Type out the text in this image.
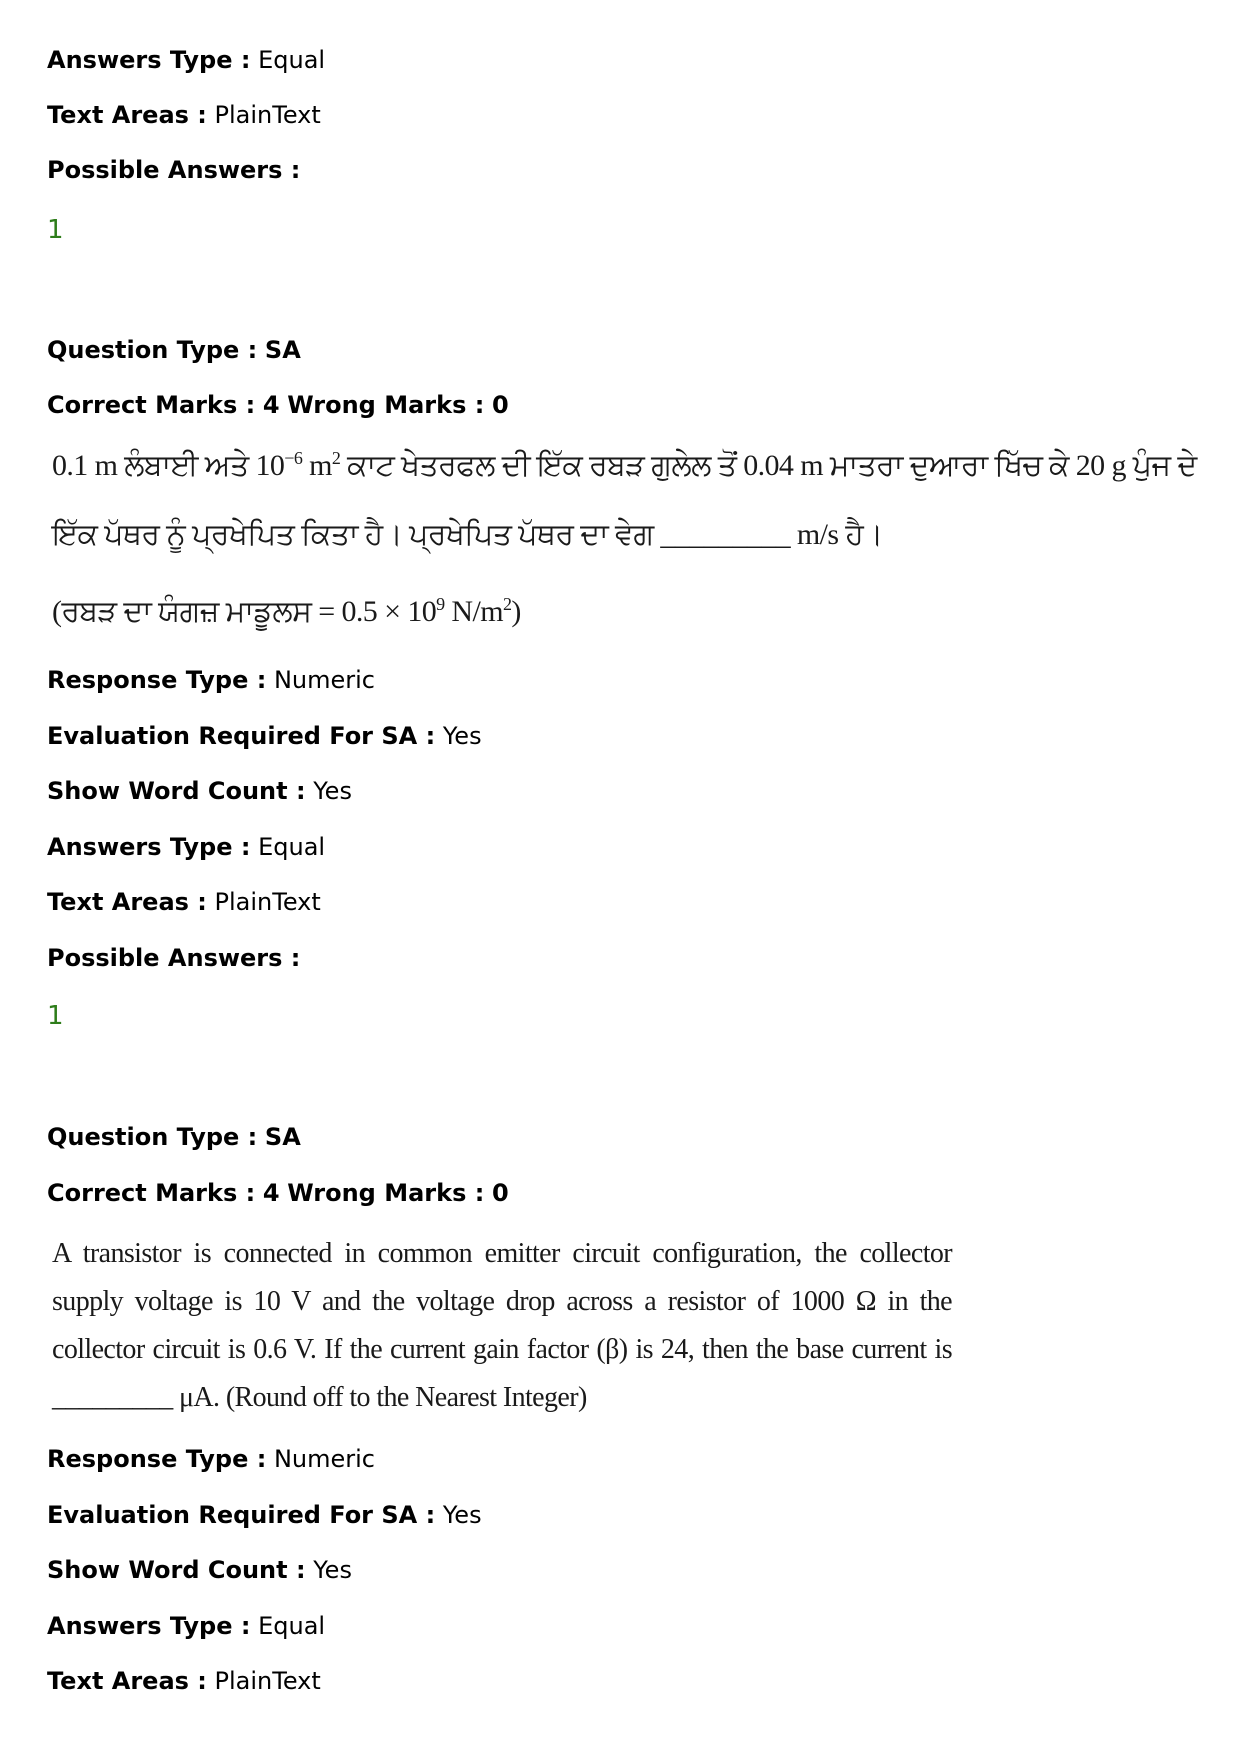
Answers Type : Equal
Text Areas : PlainText
Possible Answers :
1
Question Type : SA
Correct Marks : 4 Wrong Marks : 0
0.1 m ਲੰਬਾਈ ਅਤੇ $10^{-6}$ $m^2$ ਕਾਟ ਖੇਤਰਫਲ ਦੀ ਇੱਕ ਰਬੜ ਗੁਲੇਲ ਤੋਂ 0.04 m ਮਾਤਰਾ ਦੁਆਰਾ ਖਿੱਚ ਕੇ 20 g ਪੁੰਜ ਦੇ
ਇੱਕ ਪੱਥਰ ਨੂੰ ਪ੍ਰਖੇਪਿਤ ਕਿਤਾ ਹੈ। ਪ੍ਰਖੇਪਿਤ ਪੱਥਰ ਦਾ ਵੇਗ _________ m/s ਹੈ।
(ਰਬੜ ਦਾ ਯੰਗਜ਼ ਮਾਡੂਲਸ = $0.5 \times 10^9$ $N/m^2$)
Response Type : Numeric
Evaluation Required For SA : Yes
Show Word Count : Yes
Answers Type : Equal
Text Areas : PlainText
Possible Answers :
1
Question Type : SA
Correct Marks : 4 Wrong Marks : 0
A transistor is connected in common emitter circuit configuration, the collector supply voltage is 10 V and the voltage drop across a resistor of 1000 Ω in the collector circuit is 0.6 V. If the current gain factor (β) is 24, then the base current is _________ μA. (Round off to the Nearest Integer)
Response Type : Numeric
Evaluation Required For SA : Yes
Show Word Count : Yes
Answers Type : Equal
Text Areas : PlainText
